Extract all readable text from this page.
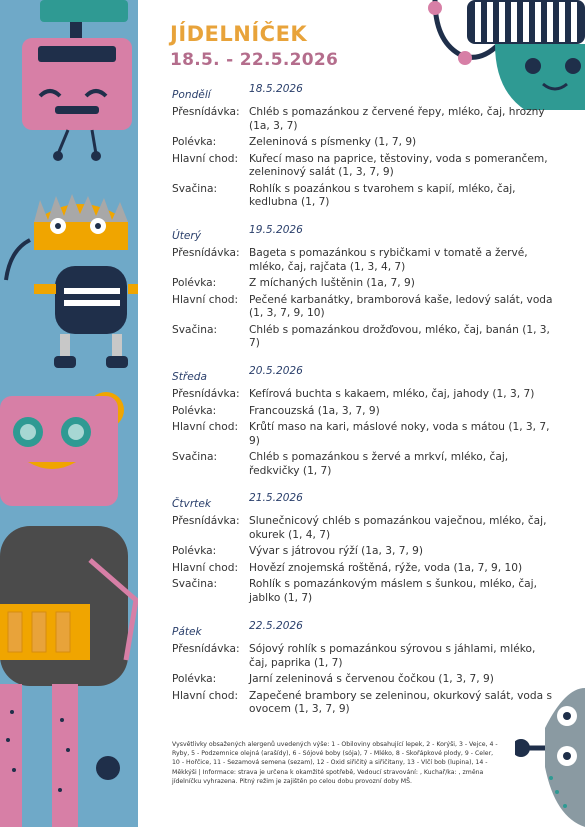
JÍDELNÍČEK
18.5. - 22.5.2026
Pondělí	18.5.2026
Přesnídávka: Chléb s pomazánkou z červené řepy, mléko, čaj, hrozny (1a, 3, 7)
Polévka:	Zeleninová s písmenky (1, 7, 9)
Hlavní chod:	Kuřecí maso na paprice, těstoviny, voda s pomerančem, zeleninový salát (1, 3, 7, 9)
Svačina:	Rohlík s poazánkou s tvarohem s kapií, mléko, čaj, kedlubna (1, 7)
Úterý	19.5.2026
Přesnídávka: Bageta s pomazánkou s rybičkami v tomatě a žervé, mléko, čaj, rajčata (1, 3, 4, 7)
Polévka:	Z míchaných luštěnin (1a, 7, 9)
Hlavní chod:	Pečené karbanátky, bramborová kaše, ledový salát, voda (1, 3, 7, 9, 10)
Svačina:	Chléb s pomazánkou drožďovou, mléko, čaj, banán (1, 3, 7)
Středa	20.5.2026
Přesnídávka: Kefírová buchta s kakaem, mléko, čaj, jahody (1, 3, 7)
Polévka:	Francouzská (1a, 3, 7, 9)
Hlavní chod:	Krůtí maso na kari, máslové noky, voda s mátou (1, 3, 7, 9)
Svačina:	Chléb s pomazánkou s žervé a mrkví, mléko, čaj, ředkvičky (1, 7)
Čtvrtek	21.5.2026
Přesnídávka: Slunečnicový chléb s pomazánkou vaječnou, mléko, čaj, okurek (1, 4, 7)
Polévka:	Vývar s játrovou rýží (1a, 3, 7, 9)
Hlavní chod:	Hovězí znojemská roštěná, rýže, voda (1a, 7, 9, 10)
Svačina:	Rohlík s pomazánkovým máslem s šunkou, mléko, čaj, jablko (1, 7)
Pátek	22.5.2026
Přesnídávka: Sójový rohlík s pomazánkou sýrovou s jáhlami, mléko, čaj, paprika (1, 7)
Polévka:	Jarní zeleninová s červenou čočkou (1, 3, 7, 9)
Hlavní chod:	Zapečené brambory se zeleninou, okurkový salát, voda s ovocem (1, 3, 7, 9)
Vysvětlivky obsažených alergenů uvedených výše: 1 - Obiloviny obsahující lepek, 2 - Korýši, 3 - Vejce, 4 - Ryby, 5 - Podzemnice olejná (arašídy), 6 - Sójové boby (sója), 7 - Mléko, 8 - Skořápkové plody, 9 - Celer, 10 - Hořčice, 11 - Sezamová semena (sezam), 12 - Oxid siřičitý a siřičitany, 13 - Vlčí bob (lupina), 14 - Měkkýši | Informace: strava je určena k okamžité spotřebě, Vedoucí stravování: , Kuchař/ka: , změna jídelníčku vyhrazena. Pitný režim je zajištěn po celou dobu provozní doby MŠ.
